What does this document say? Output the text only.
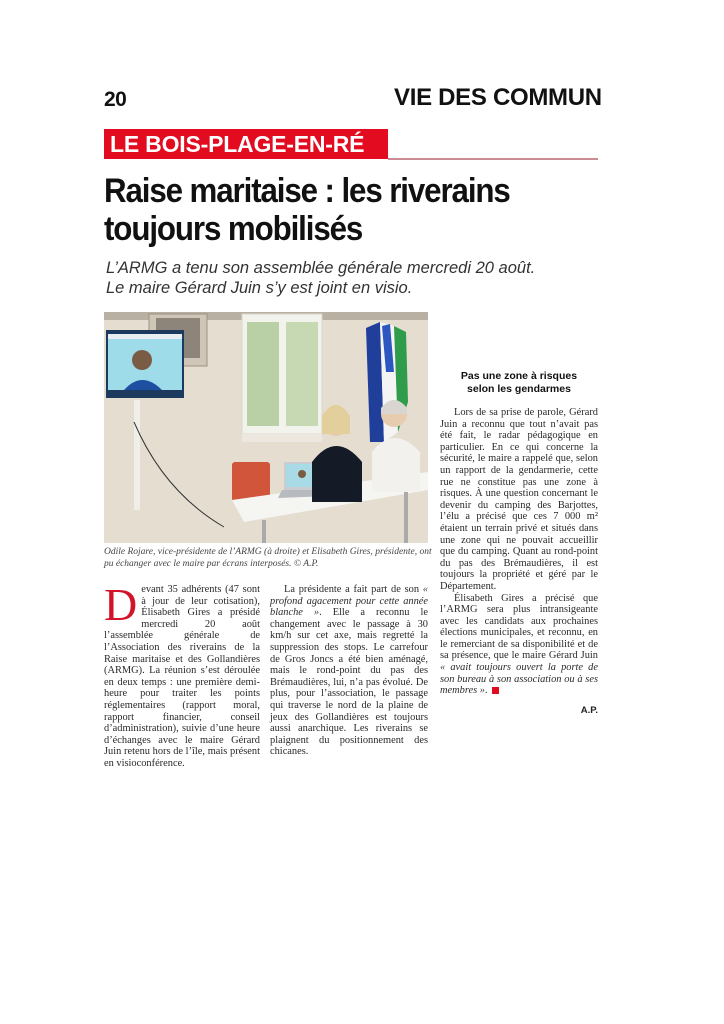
20	VIE DES COMMUN
LE BOIS-PLAGE-EN-RÉ
Raise maritaise : les riverains
toujours mobilisés
L’ARMG a tenu son assemblée générale mercredi 20 août.
Le maire Gérard Juin s’y est joint en visio.
Odile Rojare, vice-présidente de l’ARMG (à droite) et Elisabeth Gires, présidente, ont pu échanger avec le maire par écrans interposés. © A.P.
D evant 35 adhérents (47 sont à jour de leur cotisation), Élisabeth Gires a présidé mercredi 20 août l’assemblée générale de l’Association des riverains de la Raise maritaise et des Gollandières (ARMG). La réunion s’est déroulée en deux temps : une première demi-heure pour traiter les points réglementaires (rapport moral, rapport financier, conseil d’administration), suivie d’une heure d’échanges avec le maire Gérard Juin retenu hors de l’île, mais présent en visioconférence.

La présidente a fait part de son « profond agacement pour cette année blanche ». Elle a reconnu le changement avec le passage à 30 km/h sur cet axe, mais regretté la suppression des stops. Le carrefour de Gros Joncs a été bien aménagé, mais le rond-point du pas des Brémaudières, lui, n’a pas évolué. De plus, pour l’association, le passage qui traverse le nord de la plaine de jeux des Gollandières est toujours aussi anarchique. Les riverains se plaignent du positionnement des chicanes.

Pas une zone à risques
selon les gendarmes

Lors de sa prise de parole, Gérard Juin a reconnu que tout n’avait pas été fait, le radar pédagogique en particulier. En ce qui concerne la sécurité, le maire a rappelé que, selon un rapport de la gendarmerie, cette rue ne constitue pas une zone à risques. À une question concernant le devenir du camping des Barjottes, l’élu a précisé que ces 7 000 m² étaient un terrain privé et situés dans une zone qui ne pouvait accueillir que du camping. Quant au rond-point du pas des Brémaudières, il est toujours la propriété et géré par le Département.

Élisabeth Gires a précisé que l’ARMG sera plus intransigeante avec les candidats aux prochaines élections municipales, et reconnu, en le remerciant de sa disponibilité et de sa présence, que le maire Gérard Juin « avait toujours ouvert la porte de son bureau à son association ou à ses membres ».

A.P.
